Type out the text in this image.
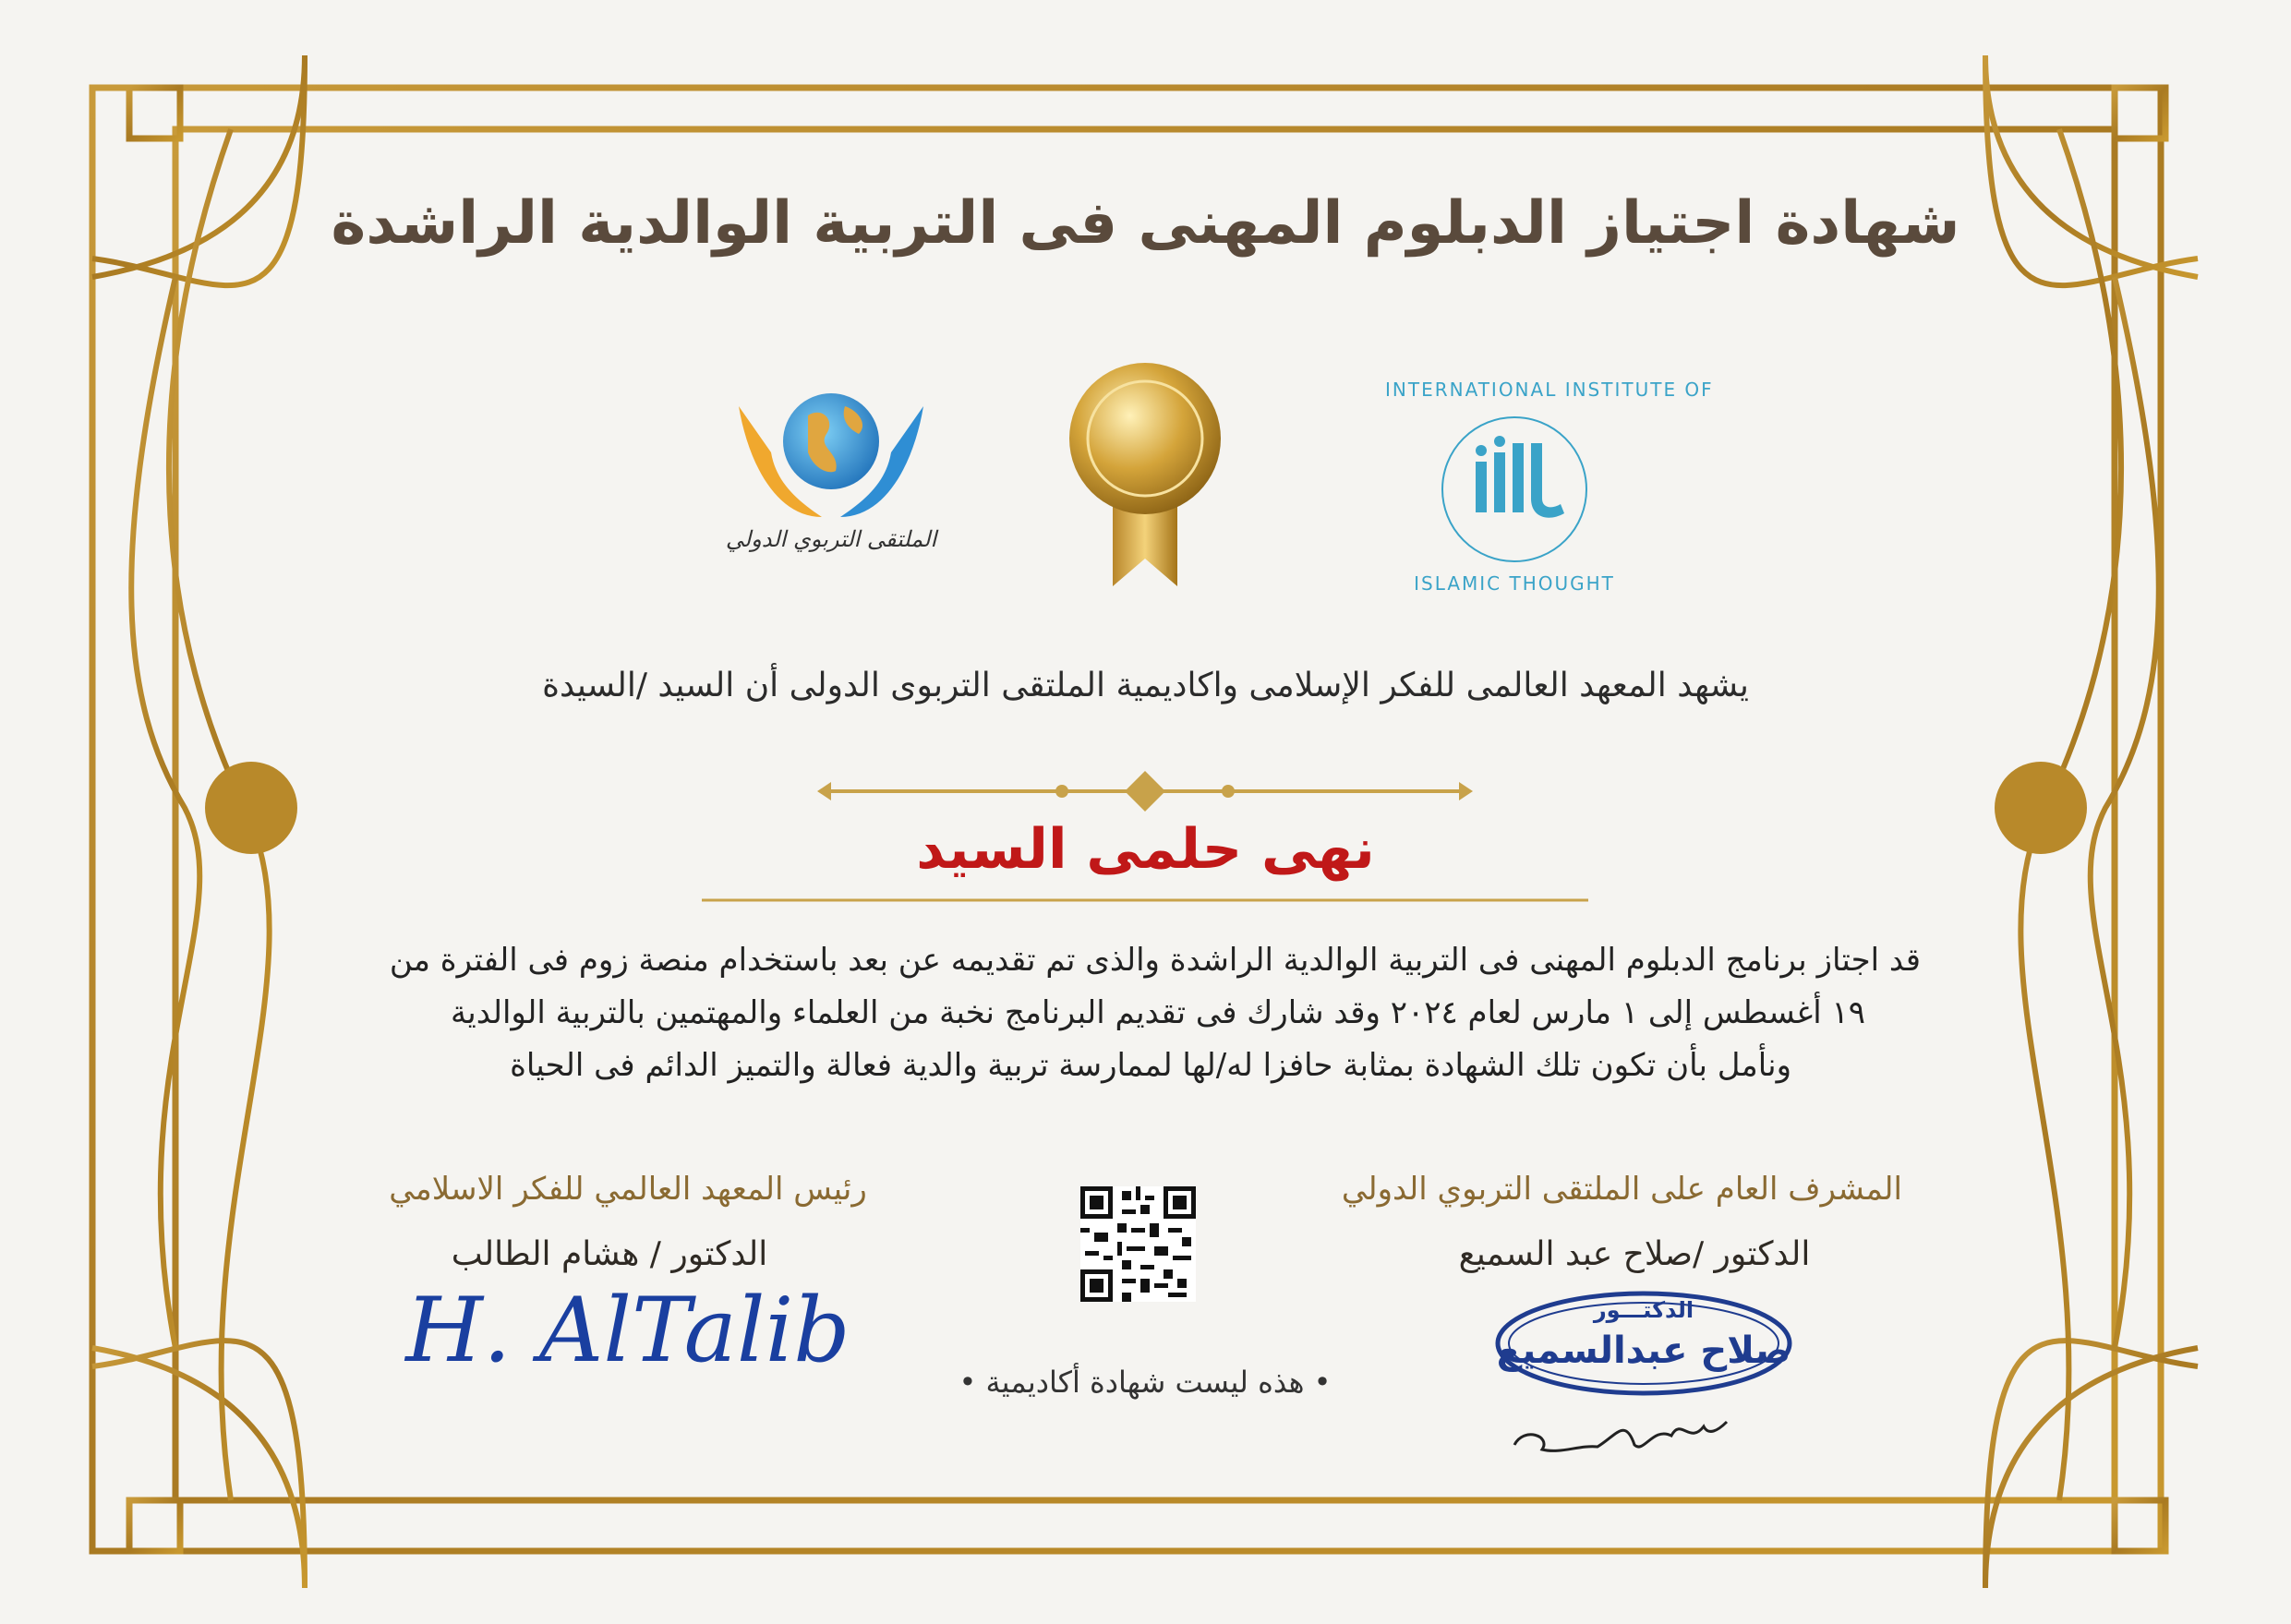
شهادة اجتياز الدبلوم المهنى فى التربية الوالدية الراشدة
الملتقى التربوي الدولي
INTERNATIONAL INSTITUTE OF
ISLAMIC THOUGHT
يشهد المعهد العالمى للفكر الإسلامى واكاديمية الملتقى التربوى الدولى أن السيد /السيدة
نهى حلمى السيد
قد اجتاز برنامج الدبلوم المهنى فى التربية الوالدية الراشدة والذى تم تقديمه عن بعد باستخدام منصة زوم فى الفترة من
١٩ أغسطس إلى ١ مارس لعام ٢٠٢٤ وقد شارك فى تقديم البرنامج نخبة من العلماء والمهتمين بالتربية الوالدية
ونأمل بأن تكون تلك الشهادة بمثابة حافزا له/لها لممارسة تربية والدية فعالة والتميز الدائم فى الحياة
رئيس المعهد العالمي للفكر الاسلامي
الدكتور / هشام الطالب
H. AlTalib	• هذه ليست شهادة أكاديمية •
المشرف العام على الملتقى التربوي الدولي
الدكتور /صلاح عبد السميع
الدكتـــور
صلاح عبدالسميع
